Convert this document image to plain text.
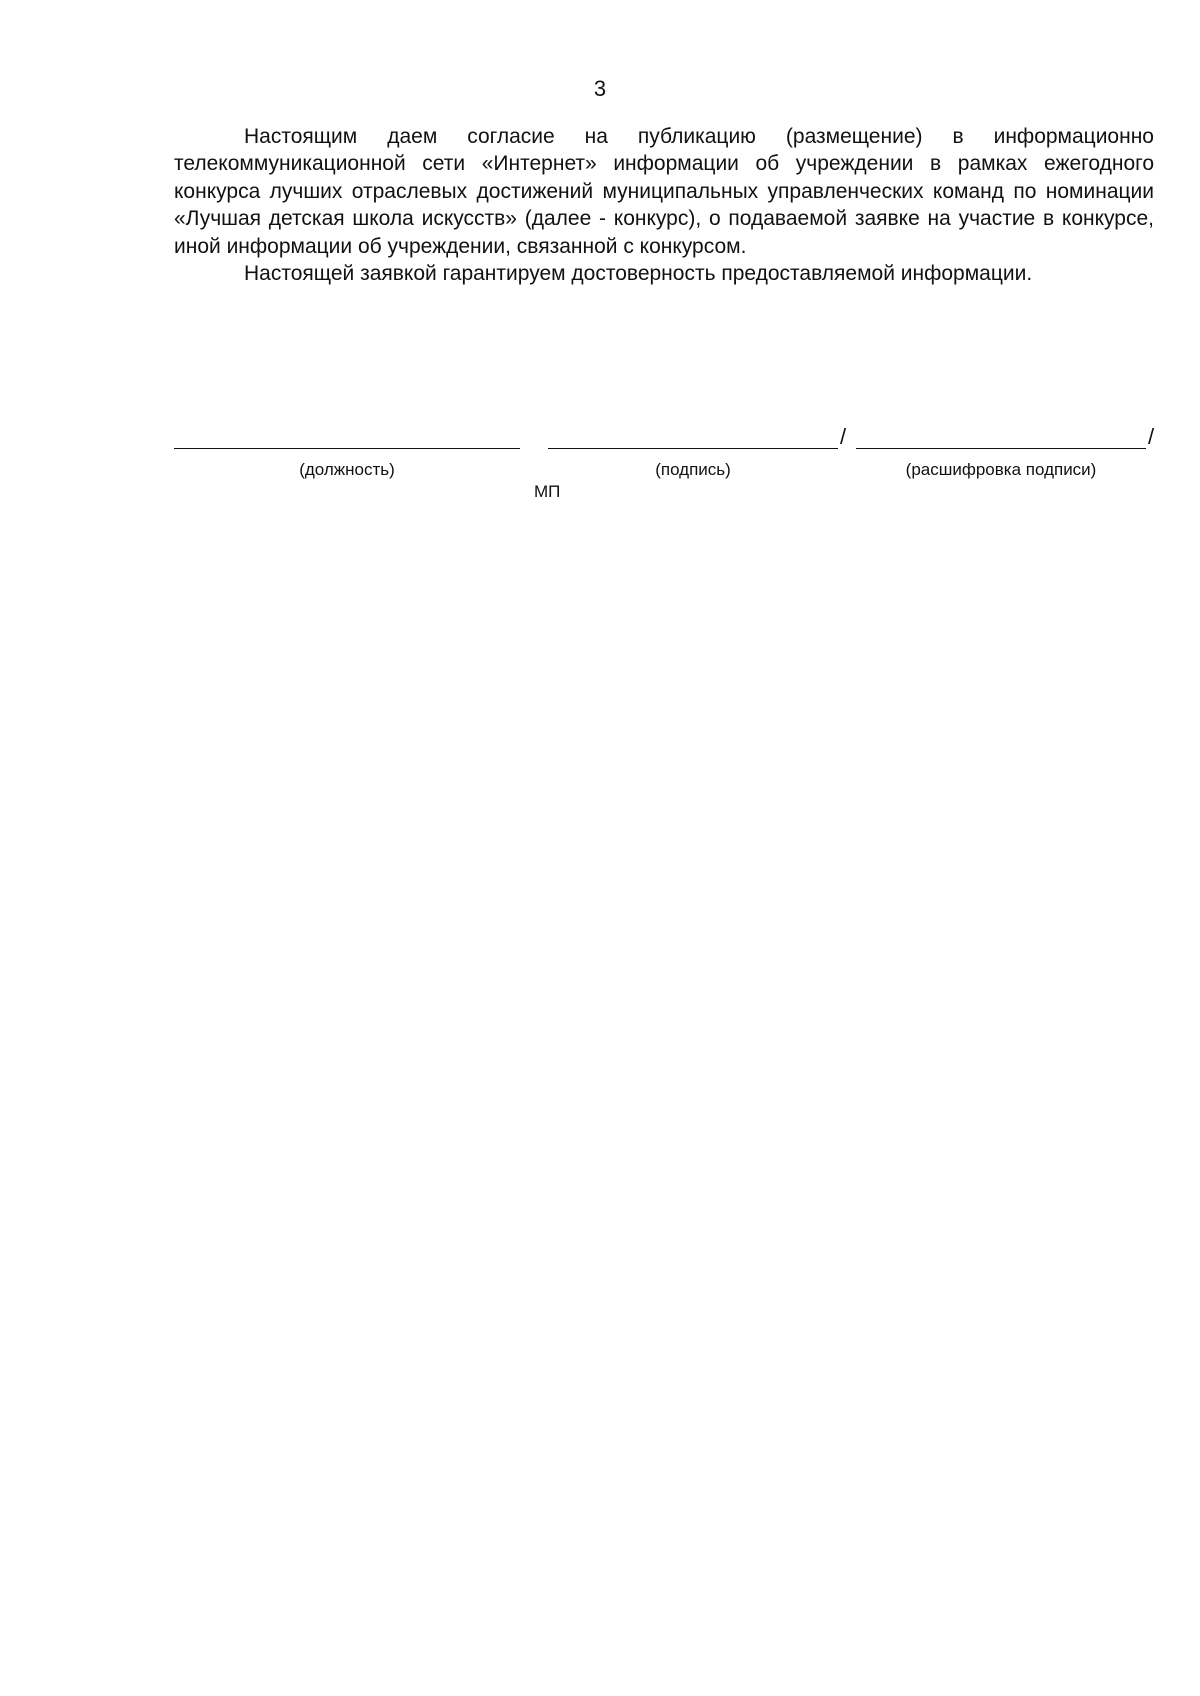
3

Настоящим даем согласие на публикацию (размещение) в информационно телекоммуникационной сети «Интернет» информации об учреждении в рамках ежегодного конкурса лучших отраслевых достижений муниципальных управленческих команд по номинации «Лучшая детская школа искусств» (далее - конкурс), о подаваемой заявке на участие в конкурсе, иной информации об учреждении, связанной с конкурсом.

Настоящей заявкой гарантируем достоверность предоставляемой информации.

/	/
(должность)	(подпись)	(расшифровка подписи)
МП
